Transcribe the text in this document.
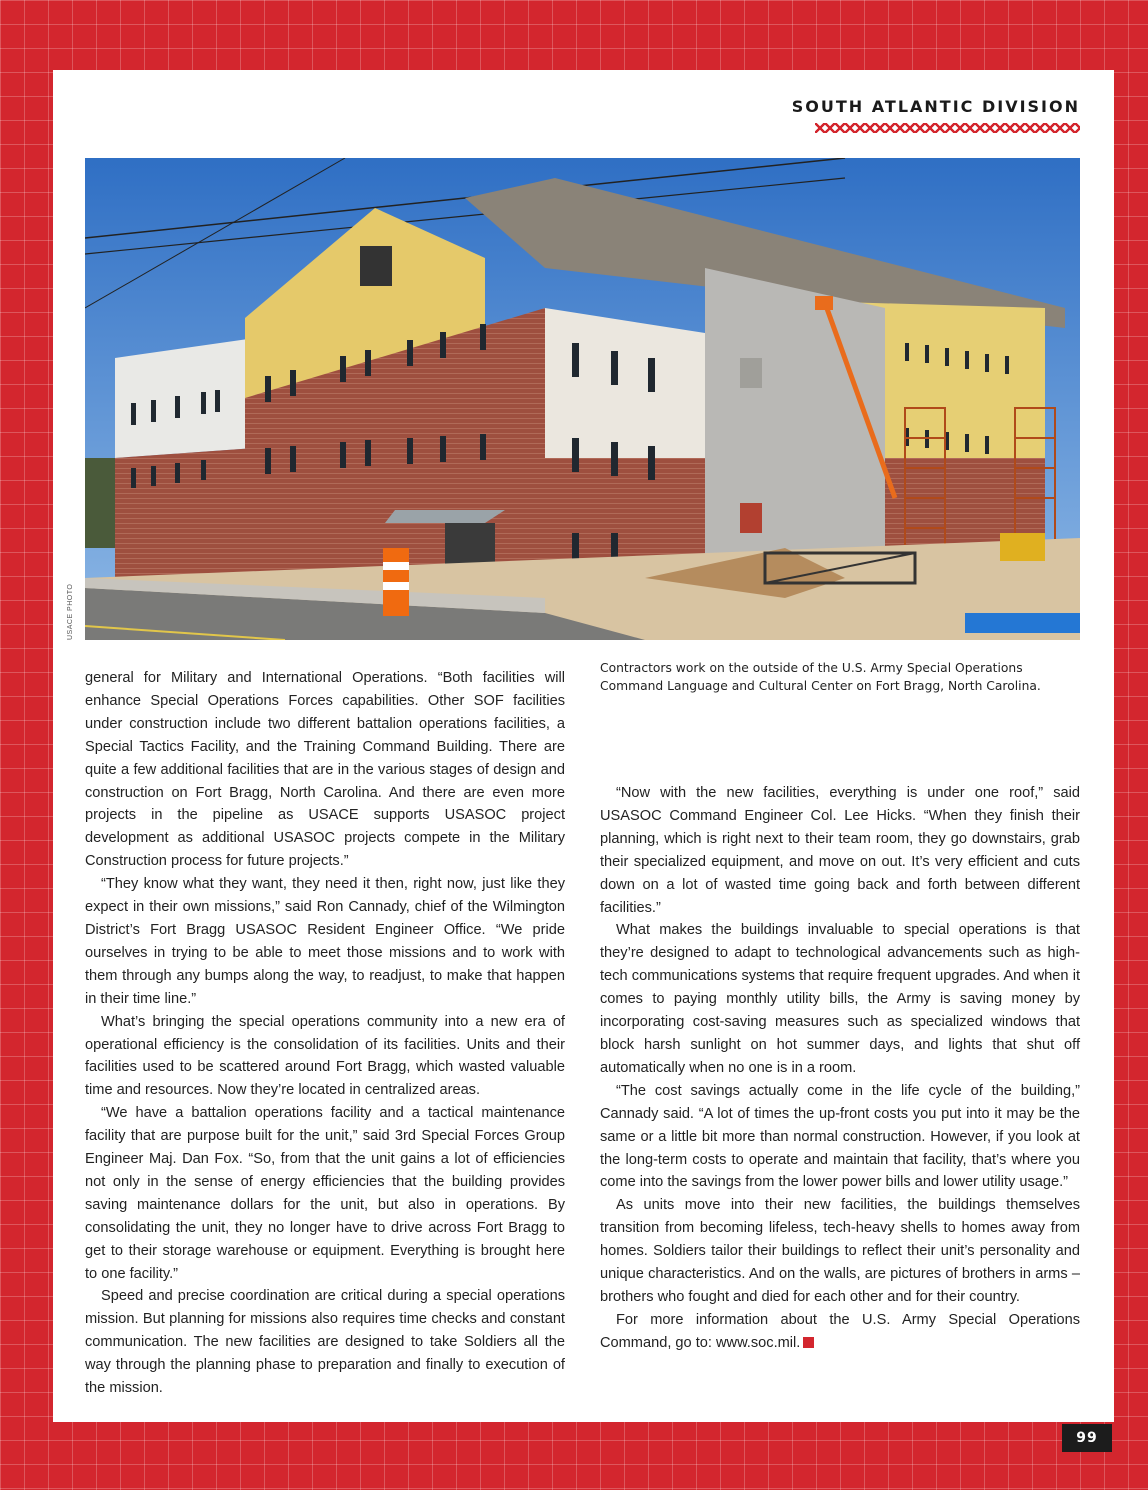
SOUTH ATLANTIC DIVISION
USACE PHOTO
Contractors work on the outside of the U.S. Army Special Operations Command Language and Cultural Center on Fort Bragg, North Carolina.

general for Military and International Operations. “Both facilities will enhance Special Operations Forces capabilities. Other SOF facilities under construction include two different battalion operations facilities, a Special Tactics Facility, and the Training Command Building. There are quite a few additional facilities that are in the various stages of design and construction on Fort Bragg, North Carolina. And there are even more projects in the pipeline as USACE supports USASOC project development as additional USASOC projects compete in the Military Construction process for future projects.”

“They know what they want, they need it then, right now, just like they expect in their own missions,” said Ron Cannady, chief of the Wilmington District’s Fort Bragg USASOC Resident Engineer Office. “We pride ourselves in trying to be able to meet those missions and to work with them through any bumps along the way, to readjust, to make that happen in their time line.”

What’s bringing the special operations community into a new era of operational efficiency is the consolidation of its facilities. Units and their facilities used to be scattered around Fort Bragg, which wasted valuable time and resources. Now they’re located in centralized areas.

“We have a battalion operations facility and a tactical maintenance facility that are purpose built for the unit,” said 3rd Special Forces Group Engineer Maj. Dan Fox. “So, from that the unit gains a lot of efficiencies not only in the sense of energy efficiencies that the building provides saving maintenance dollars for the unit, but also in operations. By consolidating the unit, they no longer have to drive across Fort Bragg to get to their storage warehouse or equipment. Everything is brought here to one facility.”

Speed and precise coordination are critical during a special operations mission. But planning for missions also requires time checks and constant communication. The new facilities are designed to take Soldiers all the way through the planning phase to preparation and finally to execution of the mission.

“Now with the new facilities, everything is under one roof,” said USASOC Command Engineer Col. Lee Hicks. “When they finish their planning, which is right next to their team room, they go downstairs, grab their specialized equipment, and move on out. It’s very efficient and cuts down on a lot of wasted time going back and forth between different facilities.”

What makes the buildings invaluable to special operations is that they’re designed to adapt to technological advancements such as high-tech communications systems that require frequent upgrades. And when it comes to paying monthly utility bills, the Army is saving money by incorporating cost-saving measures such as specialized windows that block harsh sunlight on hot summer days, and lights that shut off automatically when no one is in a room.

“The cost savings actually come in the life cycle of the building,” Cannady said. “A lot of times the up-front costs you put into it may be the same or a little bit more than normal construction. However, if you look at the long-term costs to operate and maintain that facility, that’s where you come into the savings from the lower power bills and lower utility usage.”

As units move into their new facilities, the buildings themselves transition from becoming lifeless, tech-heavy shells to homes away from homes. Soldiers tailor their buildings to reflect their unit’s personality and unique characteristics. And on the walls, are pictures of brothers in arms – brothers who fought and died for each other and for their country.

For more information about the U.S. Army Special Operations Command, go to: www.soc.mil.

99
